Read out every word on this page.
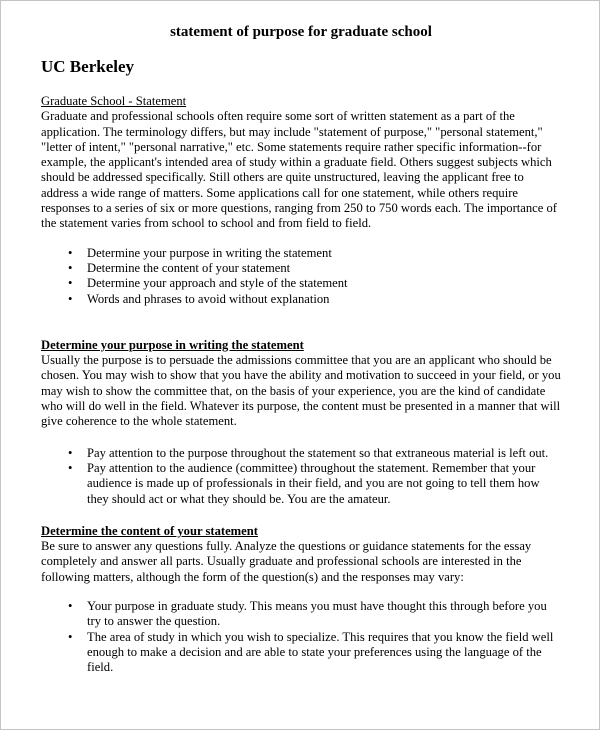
statement of purpose for graduate school
UC Berkeley
Graduate School - Statement

Graduate and professional schools often require some sort of written statement as a part of the application. The terminology differs, but may include "statement of purpose," "personal statement," "letter of intent," "personal narrative," etc. Some statements require rather specific information--for example, the applicant's intended area of study within a graduate field. Others suggest subjects which should be addressed specifically. Still others are quite unstructured, leaving the applicant free to address a wide range of matters. Some applications call for one statement, while others require responses to a series of six or more questions, ranging from 250 to 750 words each. The importance of the statement varies from school to school and from field to field.

• Determine your purpose in writing the statement
• Determine the content of your statement
• Determine your approach and style of the statement
• Words and phrases to avoid without explanation
Determine your purpose in writing the statement

Usually the purpose is to persuade the admissions committee that you are an applicant who should be chosen. You may wish to show that you have the ability and motivation to succeed in your field, or you may wish to show the committee that, on the basis of your experience, you are the kind of candidate who will do well in the field. Whatever its purpose, the content must be presented in a manner that will give coherence to the whole statement.

• Pay attention to the purpose throughout the statement so that extraneous material is left out.
• Pay attention to the audience (committee) throughout the statement. Remember that your audience is made up of professionals in their field, and you are not going to tell them how they should act or what they should be. You are the amateur.
Determine the content of your statement

Be sure to answer any questions fully. Analyze the questions or guidance statements for the essay completely and answer all parts. Usually graduate and professional schools are interested in the following matters, although the form of the question(s) and the responses may vary:

• Your purpose in graduate study. This means you must have thought this through before you try to answer the question.
• The area of study in which you wish to specialize. This requires that you know the field well enough to make a decision and are able to state your preferences using the language of the field.
